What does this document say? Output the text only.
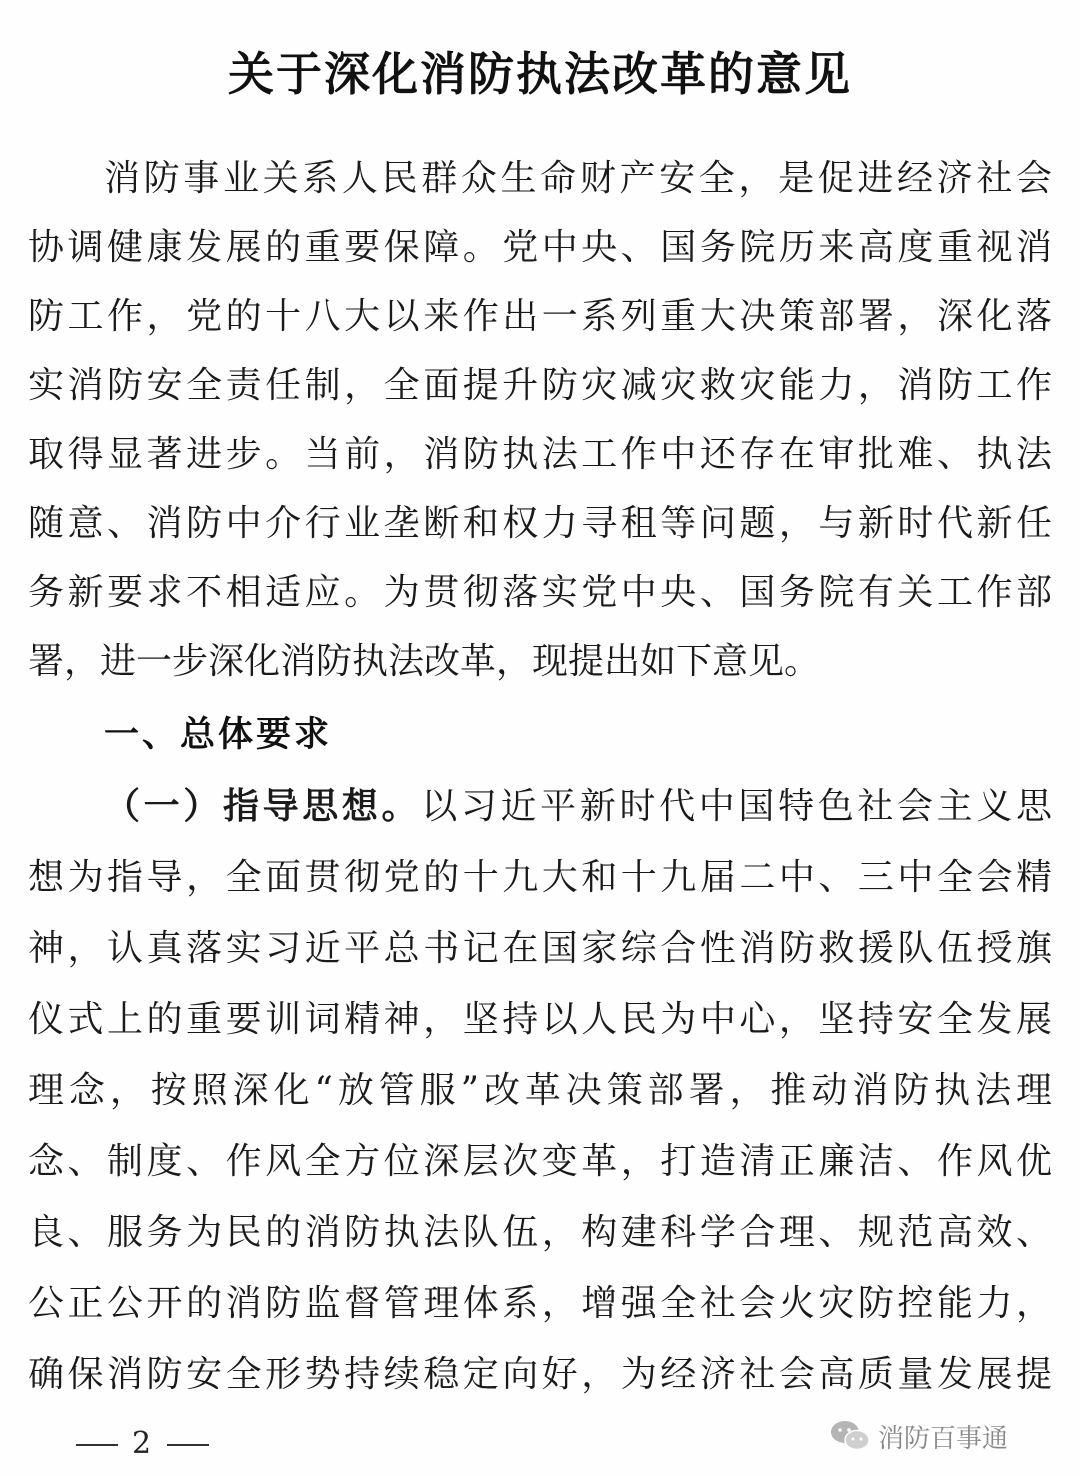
关于深化消防执法改革的意见
消防事业关系人民群众生命财产安全，是促进经济社会
协调健康发展的重要保障。党中央、国务院历来高度重视消
防工作，党的十八大以来作出一系列重大决策部署，深化落
实消防安全责任制，全面提升防灾减灾救灾能力，消防工作
取得显著进步。当前，消防执法工作中还存在审批难、执法
随意、消防中介行业垄断和权力寻租等问题，与新时代新任
务新要求不相适应。为贯彻落实党中央、国务院有关工作部
署，进一步深化消防执法改革，现提出如下意见。
一、总体要求
（一）指导思想。以习近平新时代中国特色社会主义思
想为指导，全面贯彻党的十九大和十九届二中、三中全会精
神，认真落实习近平总书记在国家综合性消防救援队伍授旗
仪式上的重要训词精神，坚持以人民为中心，坚持安全发展
理念，按照深化“放管服”改革决策部署，推动消防执法理
念、制度、作风全方位深层次变革，打造清正廉洁、作风优
良、服务为民的消防执法队伍，构建科学合理、规范高效、
公正公开的消防监督管理体系，增强全社会火灾防控能力，
确保消防安全形势持续稳定向好，为经济社会高质量发展提
2	消防百事通
